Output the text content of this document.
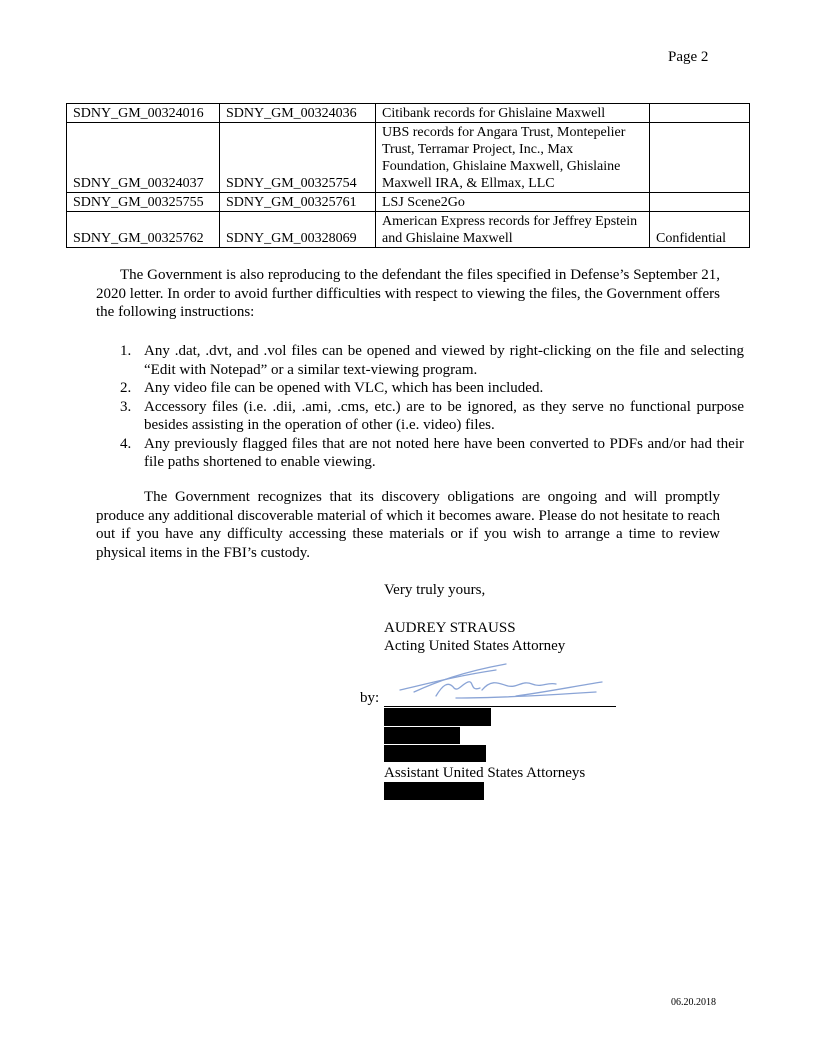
Page 2
SDNY_GM_00324016	SDNY_GM_00324036	Citibank records for Ghislaine Maxwell	
SDNY_GM_00324037	SDNY_GM_00325754	UBS records for Angara Trust, Montepelier Trust, Terramar Project, Inc., Max Foundation, Ghislaine Maxwell, Ghislaine Maxwell IRA, & Ellmax, LLC	
SDNY_GM_00325755	SDNY_GM_00325761	LSJ Scene2Go	
SDNY_GM_00325762	SDNY_GM_00328069	American Express records for Jeffrey Epstein and Ghislaine Maxwell	Confidential

The Government is also reproducing to the defendant the files specified in Defense’s September 21, 2020 letter. In order to avoid further difficulties with respect to viewing the files, the Government offers the following instructions:

1. Any .dat, .dvt, and .vol files can be opened and viewed by right-clicking on the file and selecting “Edit with Notepad” or a similar text-viewing program.
2. Any video file can be opened with VLC, which has been included.
3. Accessory files (i.e. .dii, .ami, .cms, etc.) are to be ignored, as they serve no functional purpose besides assisting in the operation of other (i.e. video) files.
4. Any previously flagged files that are not noted here have been converted to PDFs and/or had their file paths shortened to enable viewing.

The Government recognizes that its discovery obligations are ongoing and will promptly produce any additional discoverable material of which it becomes aware. Please do not hesitate to reach out if you have any difficulty accessing these materials or if you wish to arrange a time to review physical items in the FBI’s custody.

Very truly yours,
AUDREY STRAUSS
Acting United States Attorney
by:
Assistant United States Attorneys
06.20.2018
